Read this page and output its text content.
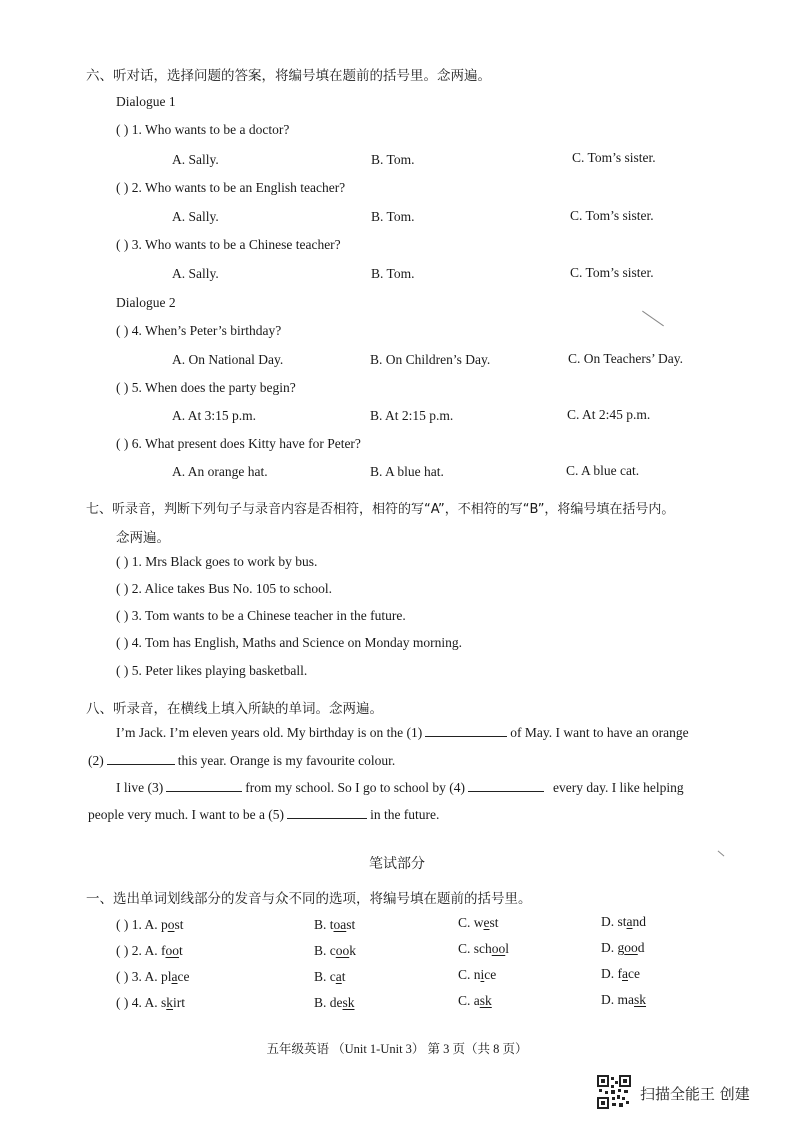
六、听对话，选择问题的答案，将编号填在题前的括号里。念两遍。
Dialogue 1
( ) 1. Who wants to be a doctor?
A. Sally.	B. Tom.	C. Tom’s sister.
( ) 2. Who wants to be an English teacher?
A. Sally.	B. Tom.	C. Tom’s sister.
( ) 3. Who wants to be a Chinese teacher?
A. Sally.	B. Tom.	C. Tom’s sister.
Dialogue 2
( ) 4. When’s Peter’s birthday?
A. On National Day.	B. On Children’s Day.	C. On Teachers’ Day.
( ) 5. When does the party begin?
A. At 3:15 p.m.	B. At 2:15 p.m.	C. At 2:45 p.m.
( ) 6. What present does Kitty have for Peter?
A. An orange hat.	B. A blue hat.	C. A blue cat.
七、听录音，判断下列句子与录音内容是否相符，相符的写“A”，不相符的写“B”，将编号填在括号内。
念两遍。
( ) 1. Mrs Black goes to work by bus.
( ) 2. Alice takes Bus No. 105 to school.
( ) 3. Tom wants to be a Chinese teacher in the future.
( ) 4. Tom has English, Maths and Science on Monday morning.
( ) 5. Peter likes playing basketball.
八、听录音，在横线上填入所缺的单词。念两遍。
I’m Jack. I’m eleven years old. My birthday is on the (1)	of May. I want to have an orange
(2)	this year. Orange is my favourite colour.
I live (3)	from my school. So I go to school by (4)	every day. I like helping
people very much. I want to be a (5)	in the future.
笔试部分
一、选出单词划线部分的发音与众不同的选项，将编号填在题前的括号里。
( ) 1. A. post	B. toast	C. west	D. stand
( ) 2. A. foot	B. cook	C. school	D. good
( ) 3. A. place	B. cat	C. nice	D. face
( ) 4. A. skirt	B. desk	C. ask	D. mask
五年级英语 （Unit 1-Unit 3） 第 3 页（共 8 页）
扫描全能王 创建
